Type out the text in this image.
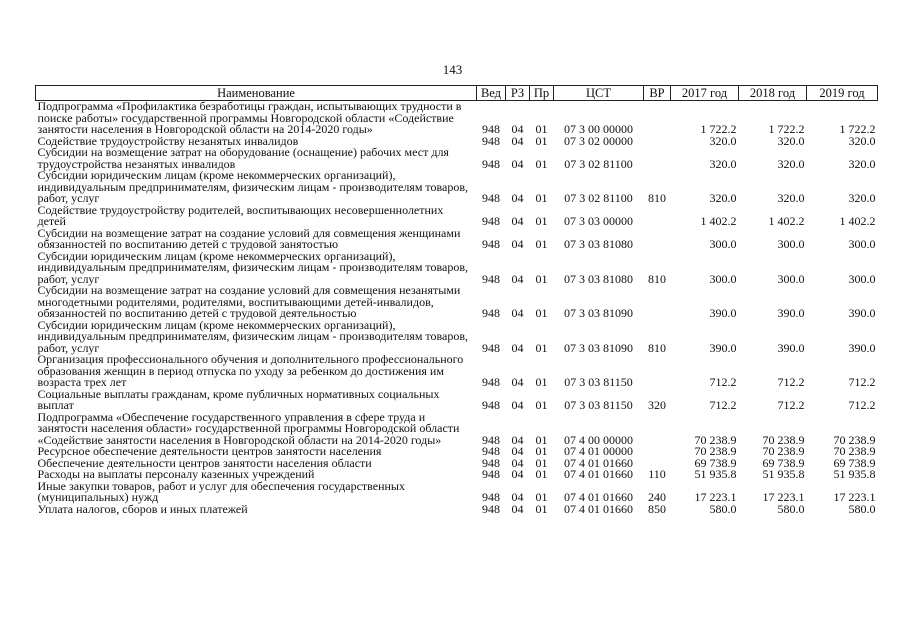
143
Наименование	Вед	РЗ	Пр	ЦСТ	ВР	2017 год	2018 год	2019 год
Подпрограмма «Профилактика безработицы граждан, испытывающих трудности в поиске работы» государственной программы Новгородской области «Содействие занятости населения в Новгородской области на 2014-2020 годы»	948	04	01	07 3 00 00000		1 722.2	1 722.2	1 722.2
Содействие трудоустройству незанятых инвалидов	948	04	01	07 3 02 00000		320.0	320.0	320.0
Субсидии на возмещение затрат на оборудование (оснащение) рабочих мест для трудоустройства незанятых инвалидов	948	04	01	07 3 02 81100		320.0	320.0	320.0
Субсидии юридическим лицам (кроме некоммерческих организаций), индивидуальным предпринимателям, физическим лицам - производителям товаров, работ, услуг	948	04	01	07 3 02 81100	810	320.0	320.0	320.0
Содействие трудоустройству родителей, воспитывающих несовершеннолетних детей	948	04	01	07 3 03 00000		1 402.2	1 402.2	1 402.2
Субсидии на возмещение затрат на создание условий для совмещения женщинами обязанностей по воспитанию детей с трудовой занятостью	948	04	01	07 3 03 81080		300.0	300.0	300.0
Субсидии юридическим лицам (кроме некоммерческих организаций), индивидуальным предпринимателям, физическим лицам - производителям товаров, работ, услуг	948	04	01	07 3 03 81080	810	300.0	300.0	300.0
Субсидии на возмещение затрат на создание условий для совмещения незанятыми многодетными родителями, родителями, воспитывающими детей-инвалидов, обязанностей по воспитанию детей с трудовой деятельностью	948	04	01	07 3 03 81090		390.0	390.0	390.0
Субсидии юридическим лицам (кроме некоммерческих организаций), индивидуальным предпринимателям, физическим лицам - производителям товаров, работ, услуг	948	04	01	07 3 03 81090	810	390.0	390.0	390.0
Организация профессионального обучения и дополнительного профессионального образования женщин в период отпуска по уходу за ребенком до достижения им возраста трех лет	948	04	01	07 3 03 81150		712.2	712.2	712.2
Социальные выплаты гражданам, кроме публичных нормативных социальных выплат	948	04	01	07 3 03 81150	320	712.2	712.2	712.2
Подпрограмма «Обеспечение государственного управления в сфере труда и занятости населения области» государственной программы Новгородской области «Содействие занятости населения в Новгородской области на 2014-2020 годы»	948	04	01	07 4 00 00000		70 238.9	70 238.9	70 238.9
Ресурсное обеспечение деятельности центров занятости населения	948	04	01	07 4 01 00000		70 238.9	70 238.9	70 238.9
Обеспечение деятельности центров занятости населения области	948	04	01	07 4 01 01660		69 738.9	69 738.9	69 738.9
Расходы на выплаты персоналу казенных учреждений	948	04	01	07 4 01 01660	110	51 935.8	51 935.8	51 935.8
Иные закупки товаров, работ и услуг для обеспечения государственных (муниципальных) нужд	948	04	01	07 4 01 01660	240	17 223.1	17 223.1	17 223.1
Уплата налогов, сборов и иных платежей	948	04	01	07 4 01 01660	850	580.0	580.0	580.0
